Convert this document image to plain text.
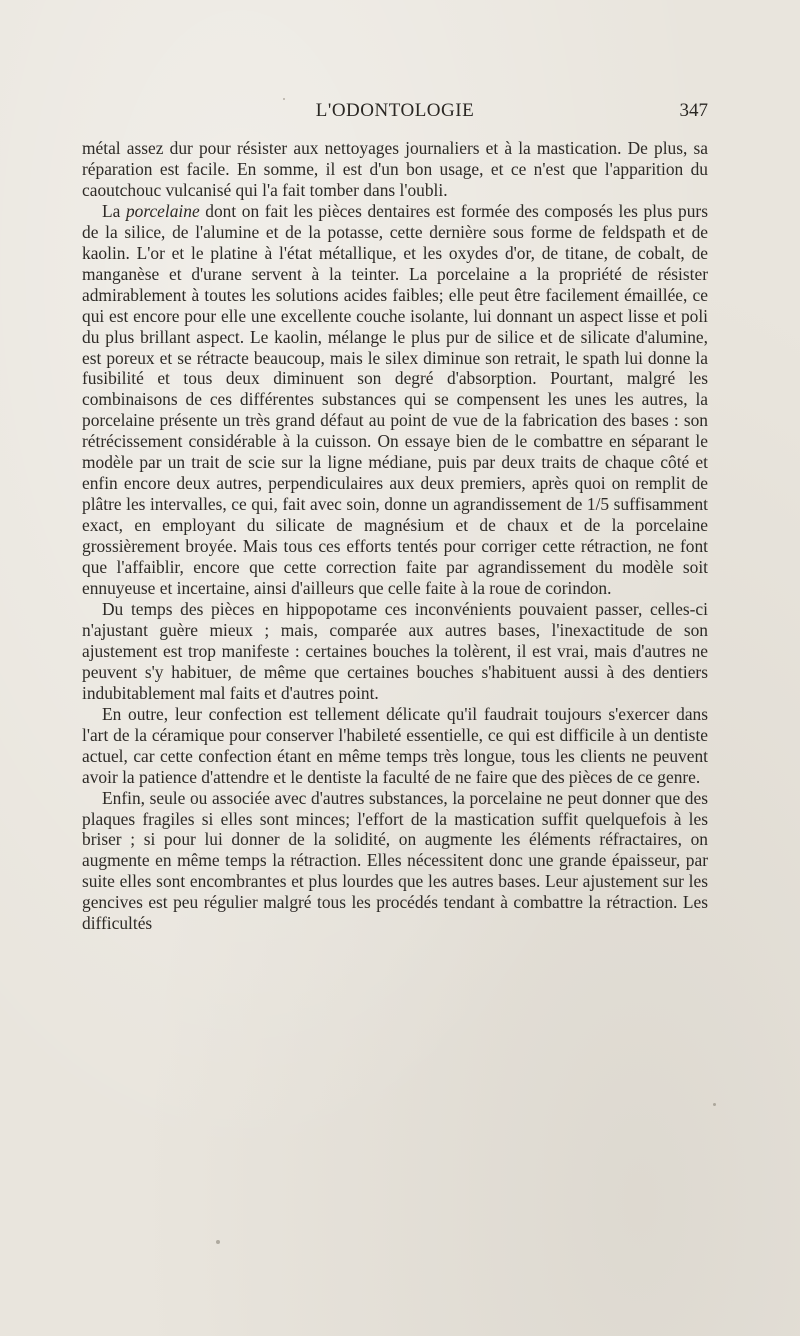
L'ODONTOLOGIE	347

métal assez dur pour résister aux nettoyages journaliers et à la mastication. De plus, sa réparation est facile. En somme, il est d'un bon usage, et ce n'est que l'apparition du caoutchouc vulcanisé qui l'a fait tomber dans l'oubli.

La porcelaine dont on fait les pièces dentaires est formée des composés les plus purs de la silice, de l'alumine et de la potasse, cette dernière sous forme de feldspath et de kaolin. L'or et le platine à l'état métallique, et les oxydes d'or, de titane, de cobalt, de manganèse et d'urane servent à la teinter. La porcelaine a la propriété de résister admirablement à toutes les solutions acides faibles; elle peut être facilement émaillée, ce qui est encore pour elle une excellente couche isolante, lui donnant un aspect lisse et poli du plus brillant aspect. Le kaolin, mélange le plus pur de silice et de silicate d'alumine, est poreux et se rétracte beaucoup, mais le silex diminue son retrait, le spath lui donne la fusibilité et tous deux diminuent son degré d'absorption. Pourtant, malgré les combinaisons de ces différentes substances qui se compensent les unes les autres, la porcelaine présente un très grand défaut au point de vue de la fabrication des bases : son rétrécissement considérable à la cuisson. On essaye bien de le combattre en séparant le modèle par un trait de scie sur la ligne médiane, puis par deux traits de chaque côté et enfin encore deux autres, perpendiculaires aux deux premiers, après quoi on remplit de plâtre les intervalles, ce qui, fait avec soin, donne un agrandissement de 1/5 suffisamment exact, en employant du silicate de magnésium et de chaux et de la porcelaine grossièrement broyée. Mais tous ces efforts tentés pour corriger cette rétraction, ne font que l'affaiblir, encore que cette correction faite par agrandissement du modèle soit ennuyeuse et incertaine, ainsi d'ailleurs que celle faite à la roue de corindon.

Du temps des pièces en hippopotame ces inconvénients pouvaient passer, celles-ci n'ajustant guère mieux ; mais, comparée aux autres bases, l'inexactitude de son ajustement est trop manifeste : certaines bouches la tolèrent, il est vrai, mais d'autres ne peuvent s'y habituer, de même que certaines bouches s'habituent aussi à des dentiers indubitablement mal faits et d'autres point.

En outre, leur confection est tellement délicate qu'il faudrait toujours s'exercer dans l'art de la céramique pour conserver l'habileté essentielle, ce qui est difficile à un dentiste actuel, car cette confection étant en même temps très longue, tous les clients ne peuvent avoir la patience d'attendre et le dentiste la faculté de ne faire que des pièces de ce genre.

Enfin, seule ou associée avec d'autres substances, la porcelaine ne peut donner que des plaques fragiles si elles sont minces; l'effort de la mastication suffit quelquefois à les briser ; si pour lui donner de la solidité, on augmente les éléments réfractaires, on augmente en même temps la rétraction. Elles nécessitent donc une grande épaisseur, par suite elles sont encombrantes et plus lourdes que les autres bases. Leur ajustement sur les gencives est peu régulier malgré tous les procédés tendant à combattre la rétraction. Les difficultés
